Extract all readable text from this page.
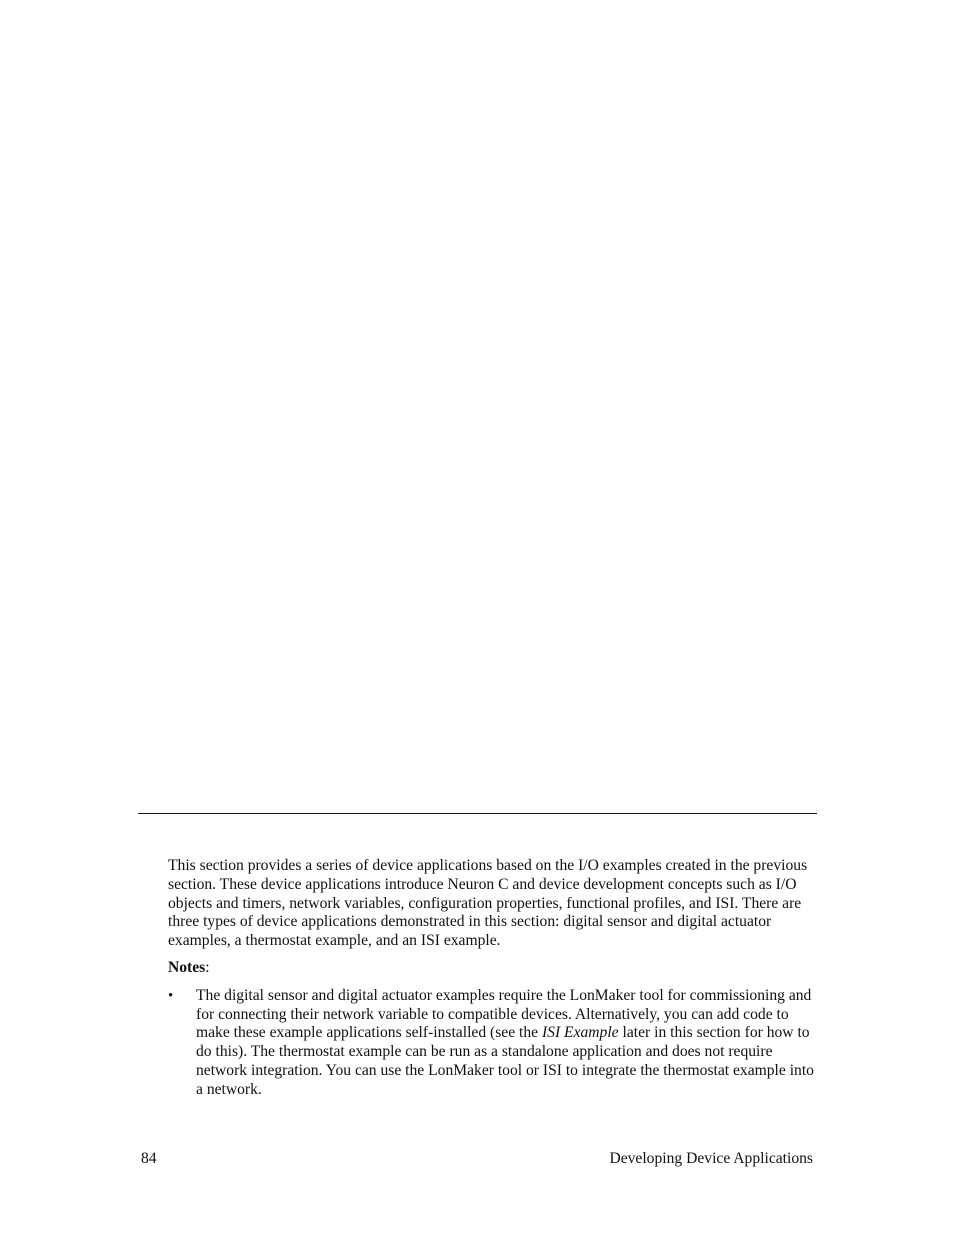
This section provides a series of device applications based on the I/O examples created in the previous section. These device applications introduce Neuron C and device development concepts such as I/O objects and timers, network variables, configuration properties, functional profiles, and ISI. There are three types of device applications demonstrated in this section: digital sensor and digital actuator examples, a thermostat example, and an ISI example.

Notes:

•	The digital sensor and digital actuator examples require the LonMaker tool for commissioning and for connecting their network variable to compatible devices. Alternatively, you can add code to make these example applications self-installed (see the ISI Example later in this section for how to do this). The thermostat example can be run as a standalone application and does not require network integration. You can use the LonMaker tool or ISI to integrate the thermostat example into a network.
84	Developing Device Applications
